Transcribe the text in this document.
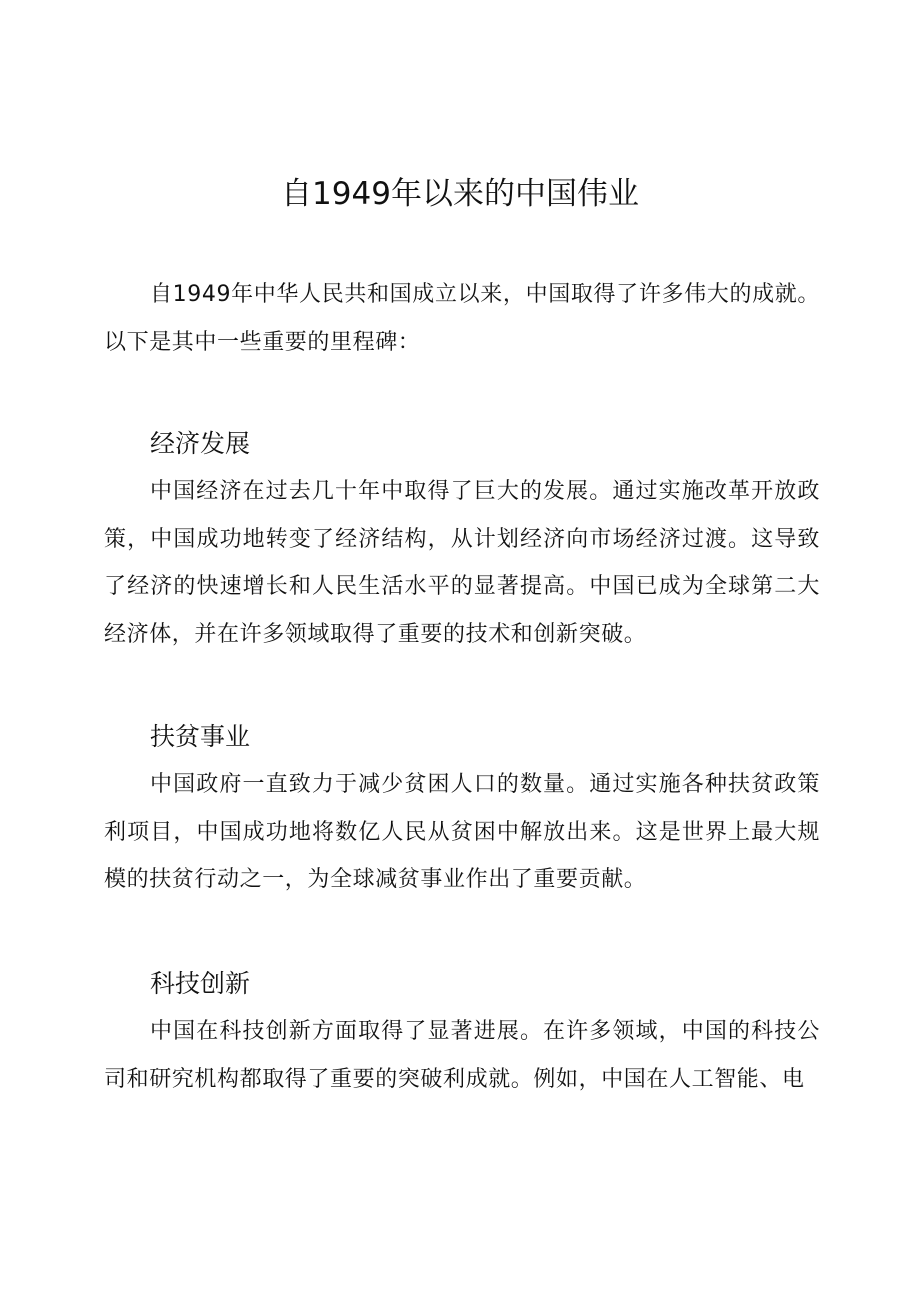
自1949年以来的中国伟业

自1949年中华人民共和国成立以来，中国取得了许多伟大的成就。以下是其中一些重要的里程碑：

经济发展

中国经济在过去几十年中取得了巨大的发展。通过实施改革开放政策，中国成功地转变了经济结构，从计划经济向市场经济过渡。这导致了经济的快速增长和人民生活水平的显著提高。中国已成为全球第二大经济体，并在许多领域取得了重要的技术和创新突破。

扶贫事业

中国政府一直致力于减少贫困人口的数量。通过实施各种扶贫政策利项目，中国成功地将数亿人民从贫困中解放出来。这是世界上最大规模的扶贫行动之一，为全球减贫事业作出了重要贡献。

科技创新

中国在科技创新方面取得了显著进展。在许多领域，中国的科技公司和研究机构都取得了重要的突破利成就。例如，中国在人工智能、电
